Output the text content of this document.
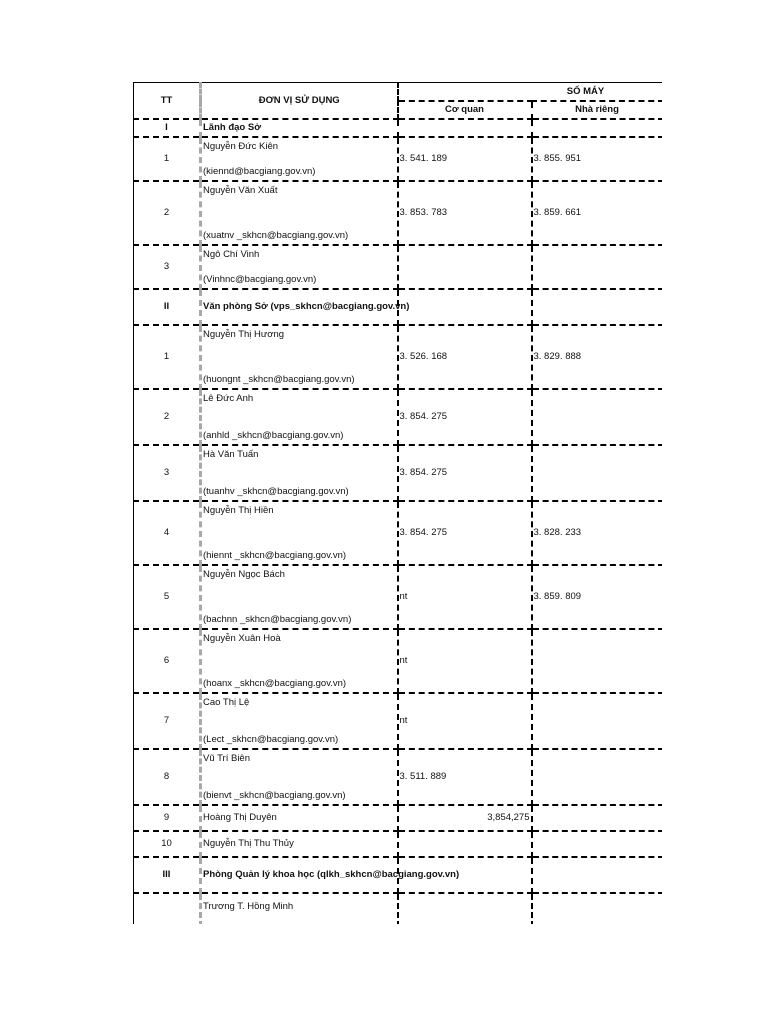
TT	ĐƠN VỊ SỬ DỤNG	SỐ MÁY	
		Cơ quan	Nhà riêng
I	Lãnh đạo Sở		
1	Nguyễn Đức Kiên
(kiennd@bacgiang.gov.vn)	3. 541. 189	3. 855. 951
2	Nguyễn Văn Xuất
(xuatnv _skhcn@bacgiang.gov.vn)	3. 853. 783	3. 859. 661
3	Ngô Chí Vinh
(Vinhnc@bacgiang.gov.vn)		

II	Văn phòng Sở (vps_skhcn@bacgiang.gov.vn)		
1	Nguyễn Thị Hương
(huongnt _skhcn@bacgiang.gov.vn)	3. 526. 168	3. 829. 888
2	Lê Đức Anh
(anhld _skhcn@bacgiang.gov.vn)	3. 854. 275	
3	Hà Văn Tuấn
(tuanhv _skhcn@bacgiang.gov.vn)	3. 854. 275	
4	Nguyễn Thị Hiền
(hiennt _skhcn@bacgiang.gov.vn)	3. 854. 275	3. 828. 233
5	Nguyễn Ngọc Bách
(bachnn _skhcn@bacgiang.gov.vn)	nt	3. 859. 809
6	Nguyễn Xuân Hoà
(hoanx _skhcn@bacgiang.gov.vn)	nt	
7	Cao Thị Lệ
(Lect _skhcn@bacgiang.gov.vn)	nt	
8	Vũ Trí Biên
(bienvt _skhcn@bacgiang.gov.vn)	3. 511. 889	
9	Hoàng Thị Duyên	3,854,275	
10	Nguyễn Thị Thu Thủy		

III	Phòng Quản lý khoa học (qlkh_skhcn@bacgiang.gov.vn)		

	Trương T. Hồng Minh		
